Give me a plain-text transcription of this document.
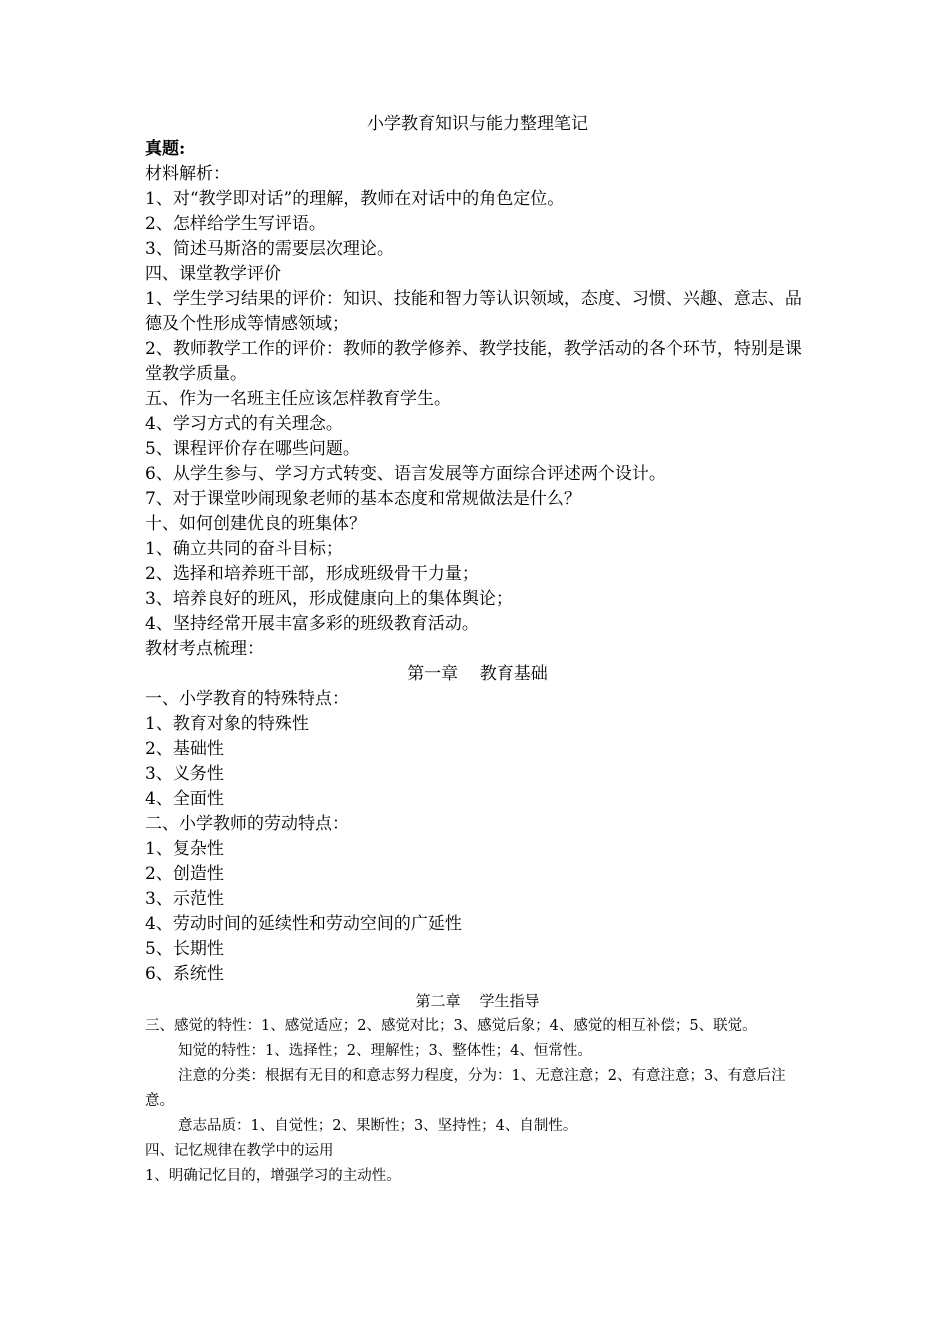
小学教育知识与能力整理笔记

真题:

材料解析：

1、对“教学即对话”的理解，教师在对话中的角色定位。

2、怎样给学生写评语。

3、简述马斯洛的需要层次理论。

四、课堂教学评价

1、学生学习结果的评价：知识、技能和智力等认识领域，态度、习惯、兴趣、意志、品德及个性形成等情感领域；

2、教师教学工作的评价：教师的教学修养、教学技能，教学活动的各个环节，特别是课堂教学质量。

五、作为一名班主任应该怎样教育学生。

4、学习方式的有关理念。

5、课程评价存在哪些问题。

6、从学生参与、学习方式转变、语言发展等方面综合评述两个设计。

7、对于课堂吵闹现象老师的基本态度和常规做法是什么？

十、如何创建优良的班集体？

1、确立共同的奋斗目标；

2、选择和培养班干部，形成班级骨干力量；

3、培养良好的班风，形成健康向上的集体舆论；

4、坚持经常开展丰富多彩的班级教育活动。

教材考点梳理：

第一章    教育基础

一、小学教育的特殊特点：

1、教育对象的特殊性

2、基础性

3、义务性

4、全面性

二、小学教师的劳动特点：

1、复杂性

2、创造性

3、示范性

4、劳动时间的延续性和劳动空间的广延性

5、长期性

6、系统性

第二章    学生指导

三、感觉的特性：1、感觉适应；2、感觉对比；3、感觉后象；4、感觉的相互补偿；5、联觉。

知觉的特性：1、选择性；2、理解性；3、整体性；4、恒常性。

注意的分类：根据有无目的和意志努力程度，分为：1、无意注意；2、有意注意；3、有意后注意。

意志品质：1、自觉性；2、果断性；3、坚持性；4、自制性。

四、记忆规律在教学中的运用

1、明确记忆目的，增强学习的主动性。
